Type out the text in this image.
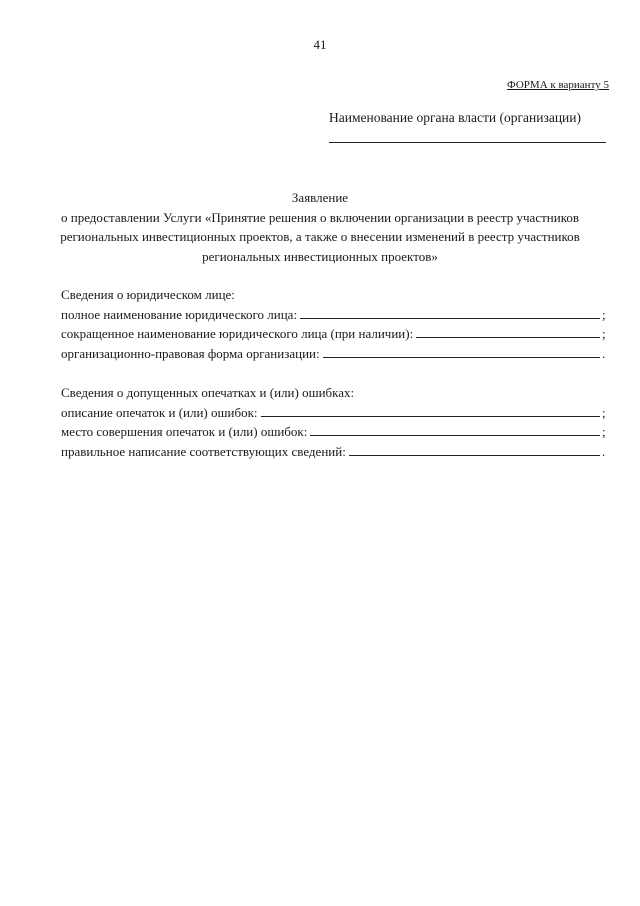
41
ФОРМА к варианту 5
Наименование органа власти (организации)
Заявление
о предоставлении Услуги «Принятие решения о включении организации в реестр участников
региональных инвестиционных проектов, а также о внесении изменений в реестр участников
региональных инвестиционных проектов»
Сведения о юридическом лице:
полное наименование юридического лица:	;
сокращенное наименование юридического лица (при наличии):	;
организационно-правовая форма организации:	.
Сведения о допущенных опечатках и (или) ошибках:
описание опечаток и (или) ошибок:	;
место совершения опечаток и (или) ошибок:	;
правильное написание соответствующих сведений:	.
